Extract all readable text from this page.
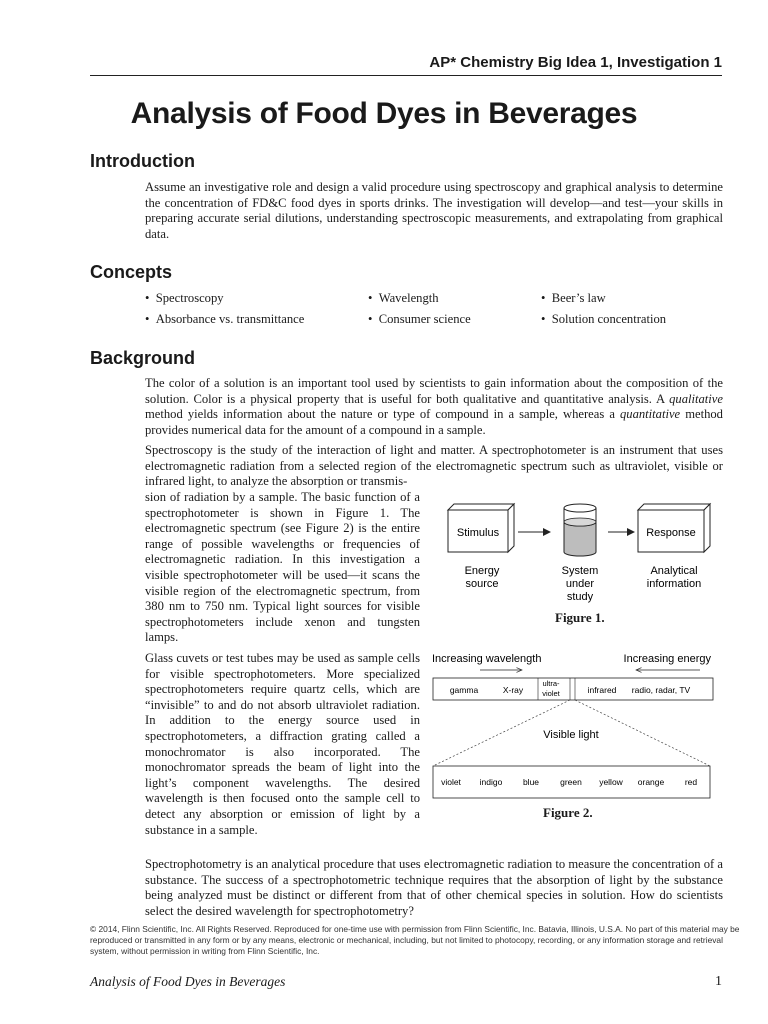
AP* Chemistry Big Idea 1, Investigation 1
Analysis of Food Dyes in Beverages
Introduction
Assume an investigative role and design a valid procedure using spectroscopy and graphical analysis to determine the concentration of FD&C food dyes in sports drinks. The investigation will develop—and test—your skills in preparing accurate serial dilutions, understanding spectroscopic measurements, and extrapolating from graphical data.
Concepts
•  Spectroscopy
•  Absorbance vs. transmittance
•  Wavelength
•  Consumer science
•  Beer’s law
•  Solution concentration
Background
The color of a solution is an important tool used by scientists to gain information about the composition of the solution. Color is a physical property that is useful for both qualitative and quantitative analysis. A qualitative method yields information about the nature or type of compound in a sample, whereas a quantitative method provides numerical data for the amount of a compound in a sample.
Spectroscopy is the study of the interaction of light and matter. A spectrophotometer is an instrument that uses electromagnetic radiation from a selected region of the electromagnetic spectrum such as ultraviolet, visible or infrared light, to analyze the absorption or transmis-
sion of radiation by a sample. The basic function of a spectrophotometer is shown in Figure 1. The electromagnetic spectrum (see Figure 2) is the entire range of possible wavelengths or frequencies of electromagnetic radiation. In this investigation a visible spectrophotometer will be used—it scans the visible region of the electromagnetic spectrum, from 380 nm to 750 nm. Typical light sources for visible spectrophotometers include xenon and tungsten lamps.
Glass cuvets or test tubes may be used as sample cells for visible spectrophotometers. More specialized spectrophotometers require quartz cells, which are “invisible” to and do not absorb ultraviolet radiation. In addition to the energy source used in spectrophotometers, a diffraction grating called a monochromator is also incorporated. The monochromator spreads the beam of light into the light’s component wavelengths. The desired wavelength is then focused onto the sample cell to detect any absorption or emission of light by a substance in a sample.
Spectrophotometry is an analytical procedure that uses electromagnetic radiation to measure the concentration of a substance. The success of a spectrophotometric technique requires that the absorption of light by the substance being analyzed must be distinct or different from that of other chemical species in solution. How do scientists select the desired wavelength for spectrophotometry?
Stimulus	Response
Energy
source
System
under
study
Analytical
information
Figure 1.
Increasing wavelength	Increasing energy
gamma	X-ray
ultra-
violet	infrared radio, radar, TV
Visible light
violet indigo blue green yellow orange red
Figure 2.
© 2014, Flinn Scientific, Inc. All Rights Reserved. Reproduced for one-time use with permission from Flinn Scientific, Inc. Batavia, Illinois, U.S.A. No part of this material may be reproduced or transmitted in any form or by any means, electronic or mechanical, including, but not limited to photocopy, recording, or any information storage and retrieval system, without permission in writing from Flinn Scientific, Inc.
Analysis of Food Dyes in Beverages	1
